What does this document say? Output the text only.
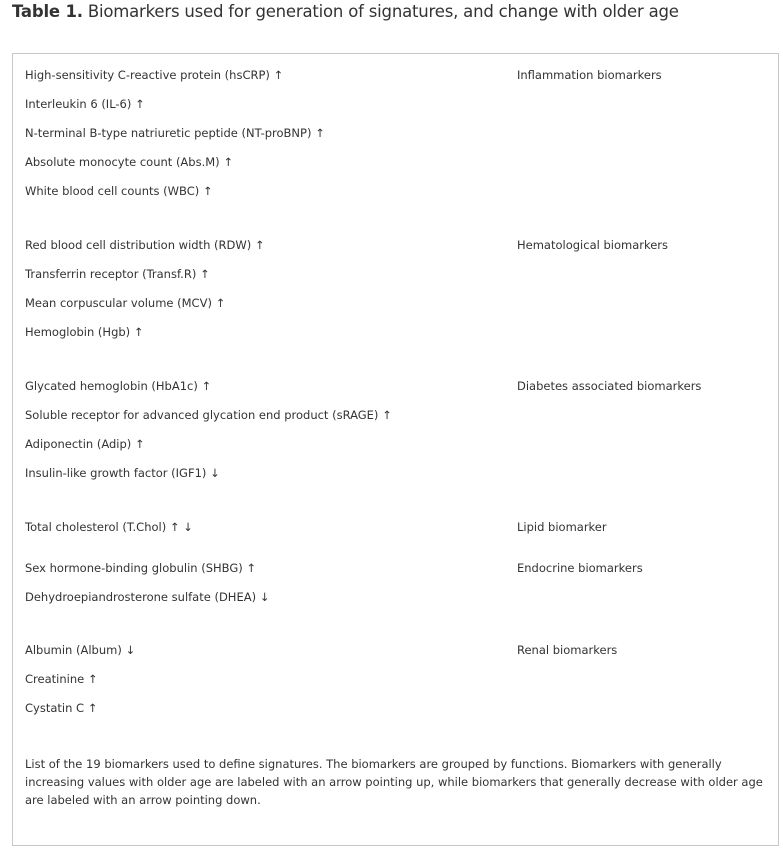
Table 1. Biomarkers used for generation of signatures, and change with older age
High-sensitivity C-reactive protein (hsCRP) ↑
Interleukin 6 (IL-6) ↑
N-terminal B-type natriuretic peptide (NT-proBNP) ↑
Absolute monocyte count (Abs.M) ↑
White blood cell counts (WBC) ↑
Inflammation biomarkers
Red blood cell distribution width (RDW) ↑
Transferrin receptor (Transf.R) ↑
Mean corpuscular volume (MCV) ↑
Hemoglobin (Hgb) ↑
Hematological biomarkers
Glycated hemoglobin (HbA1c) ↑
Soluble receptor for advanced glycation end product (sRAGE) ↑
Adiponectin (Adip) ↑
Insulin-like growth factor (IGF1) ↓
Diabetes associated biomarkers
Total cholesterol (T.Chol) ↑ ↓	Lipid biomarker
Sex hormone-binding globulin (SHBG) ↑
Dehydroepiandrosterone sulfate (DHEA) ↓
Endocrine biomarkers
Albumin (Album) ↓
Creatinine ↑
Cystatin C ↑
Renal biomarkers
List of the 19 biomarkers used to define signatures. The biomarkers are grouped by functions. Biomarkers with generally increasing values with older age are labeled with an arrow pointing up, while biomarkers that generally decrease with older age are labeled with an arrow pointing down.
